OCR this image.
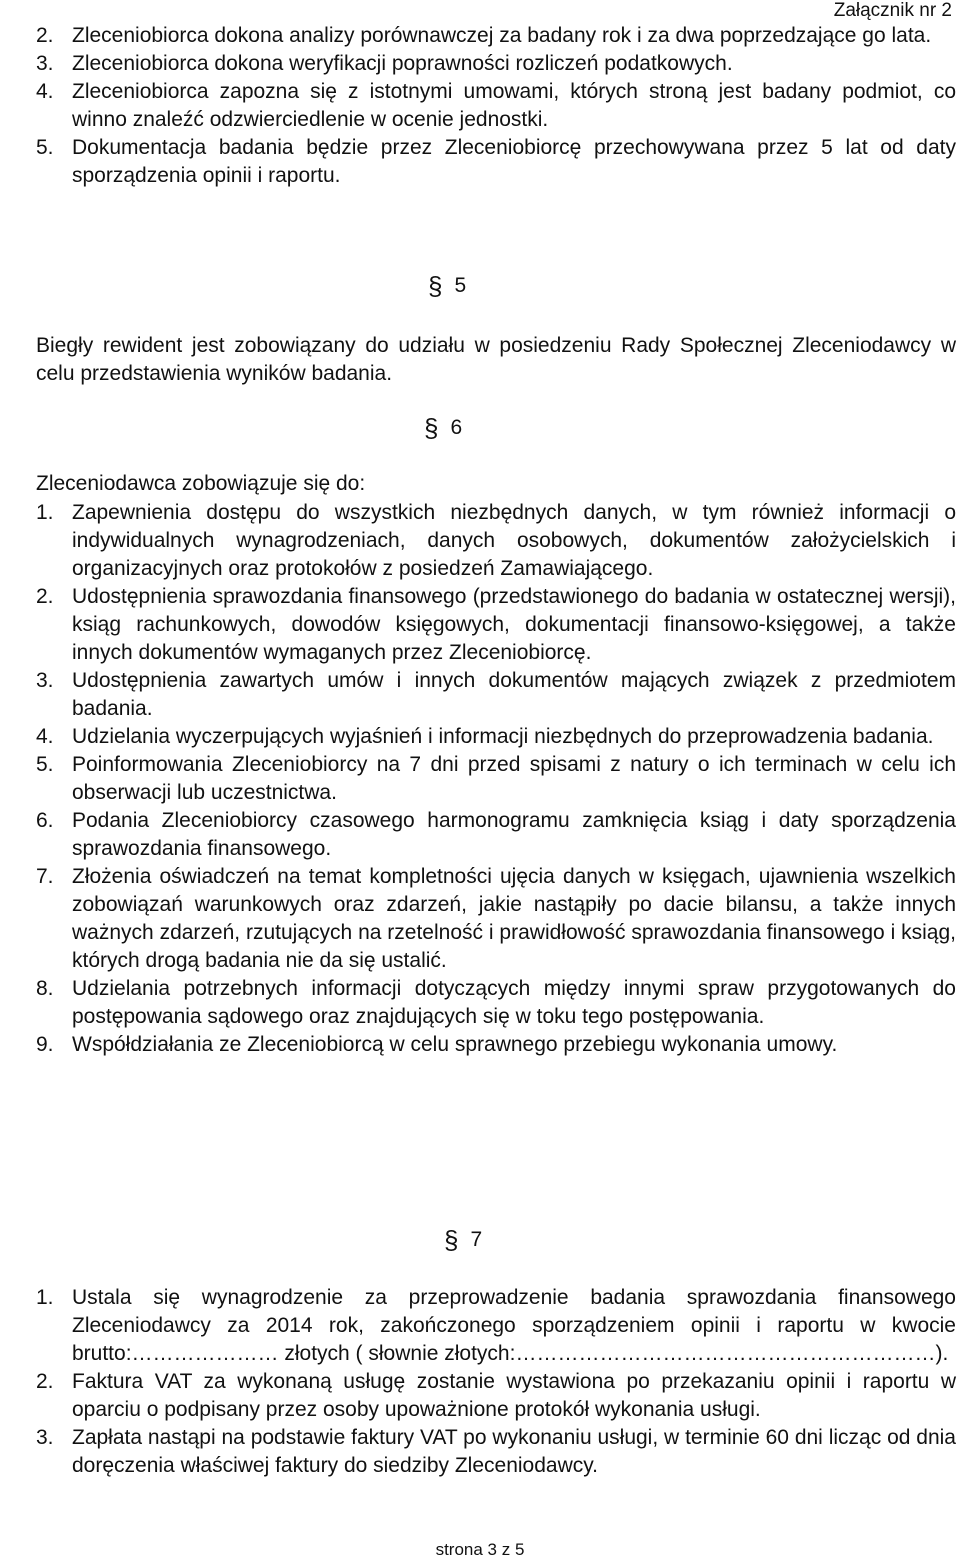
Załącznik nr 2
2. Zleceniobiorca dokona analizy porównawczej za badany rok i za dwa poprzedzające go lata.
3. Zleceniobiorca dokona weryfikacji poprawności rozliczeń podatkowych.
4. Zleceniobiorca zapozna się z istotnymi umowami, których stroną jest badany podmiot, co winno znaleźć odzwierciedlenie w ocenie jednostki.
5. Dokumentacja badania będzie przez Zleceniobiorcę przechowywana przez 5 lat od daty sporządzenia opinii i raportu.
§ 5

Biegły rewident jest zobowiązany do udziału w posiedzeniu Rady Społecznej Zleceniodawcy w celu przedstawienia wyników badania.

§ 6

Zleceniodawca zobowiązuje się do:

1. Zapewnienia dostępu do wszystkich niezbędnych danych, w tym również informacji o indywidualnych wynagrodzeniach, danych osobowych, dokumentów założycielskich i organizacyjnych oraz protokołów z posiedzeń Zamawiającego.
2. Udostępnienia sprawozdania finansowego (przedstawionego do badania w ostatecznej wersji), ksiąg rachunkowych, dowodów księgowych, dokumentacji finansowo-księgowej, a także innych dokumentów wymaganych przez Zleceniobiorcę.
3. Udostępnienia zawartych umów i innych dokumentów mających związek z przedmiotem badania.
4. Udzielania wyczerpujących wyjaśnień i informacji niezbędnych do przeprowadzenia badania.
5. Poinformowania Zleceniobiorcy na 7 dni przed spisami z natury o ich terminach w celu ich obserwacji lub uczestnictwa.
6. Podania Zleceniobiorcy czasowego harmonogramu zamknięcia ksiąg i daty sporządzenia sprawozdania finansowego.
7. Złożenia oświadczeń na temat kompletności ujęcia danych w księgach, ujawnienia wszelkich zobowiązań warunkowych oraz zdarzeń, jakie nastąpiły po dacie bilansu, a także innych ważnych zdarzeń, rzutujących na rzetelność i prawidłowość sprawozdania finansowego i ksiąg, których drogą badania nie da się ustalić.
8. Udzielania potrzebnych informacji dotyczących między innymi spraw przygotowanych do postępowania sądowego oraz znajdujących się w toku tego postępowania.
9. Współdziałania ze Zleceniobiorcą w celu sprawnego przebiegu wykonania umowy.
§ 7
1. Ustala się wynagrodzenie za przeprowadzenie badania sprawozdania finansowego Zleceniodawcy za 2014 rok, zakończonego sporządzeniem opinii i raportu w kwocie brutto:………………… złotych ( słownie złotych:……………………………………………………).
2. Faktura VAT za wykonaną usługę zostanie wystawiona po przekazaniu opinii i raportu w oparciu o podpisany przez osoby upoważnione protokół wykonania usługi.
3. Zapłata nastąpi na podstawie faktury VAT po wykonaniu usługi, w terminie 60 dni licząc od dnia doręczenia właściwej faktury do siedziby Zleceniodawcy.
strona 3 z 5
